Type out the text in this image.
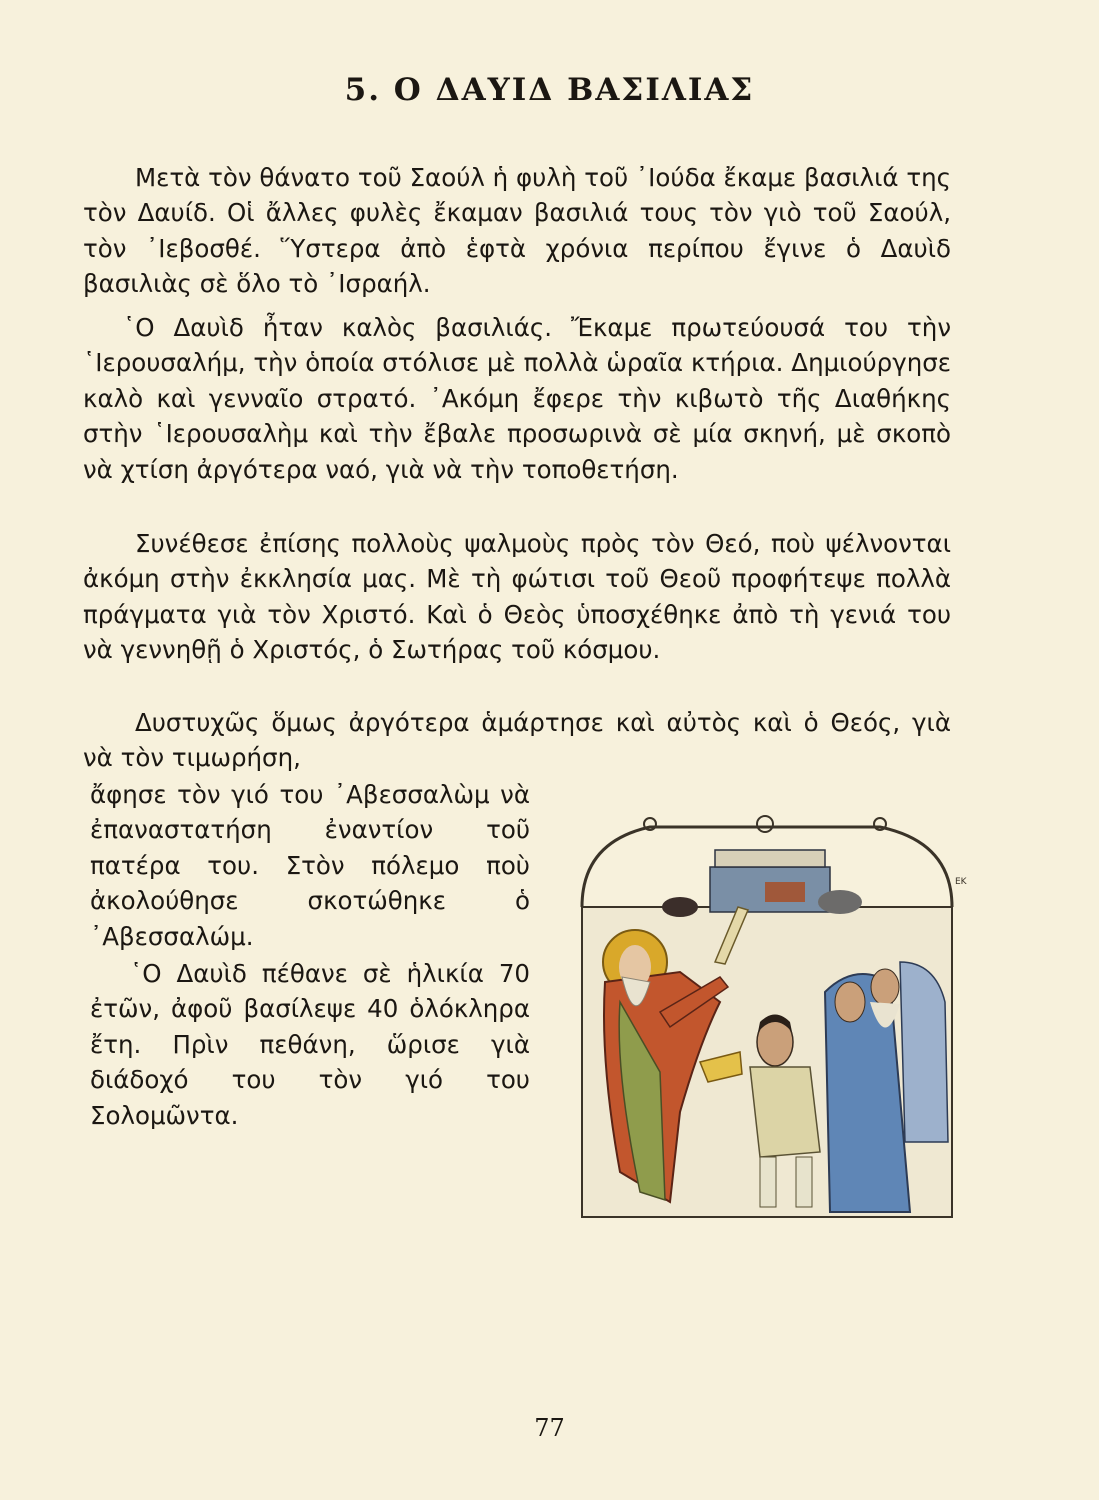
5. Ο ΔΑΥΙΔ ΒΑΣΙΛΙΑΣ

Μετὰ τὸν θάνατο τοῦ Σαούλ ἡ φυλὴ τοῦ ᾿Ιούδα ἔκαμε βασιλιά της τὸν Δαυίδ. Οἱ ἄλλες φυλὲς ἔκαμαν βασιλιά τους τὸν γιὸ τοῦ Σαούλ, τὸν ᾿Ιεβοσθέ. Ὕστερα ἀπὸ ἑφτὰ χρόνια περίπου ἔγινε ὁ Δαυὶδ βασιλιὰς σὲ ὅλο τὸ ᾿Ισραήλ.

῾Ο Δαυὶδ ἦταν καλὸς βασιλιάς. Ἔκαμε πρωτεύουσά του τὴν ῾Ιερουσαλήμ, τὴν ὁποία στόλισε μὲ πολλὰ ὡραῖα κτήρια. Δημιούργησε καλὸ καὶ γενναῖο στρατό. ᾿Ακόμη ἔφερε τὴν κιβωτὸ τῆς Διαθήκης στὴν ῾Ιερουσαλὴμ καὶ τὴν ἔβαλε προσωρινὰ σὲ μία σκηνή, μὲ σκοπὸ νὰ χτίση ἀργότερα ναό, γιὰ νὰ τὴν τοποθετήση.

Συνέθεσε ἐπίσης πολλοὺς ψαλμοὺς πρὸς τὸν Θεό, ποὺ ψέλνονται ἀκόμη στὴν ἐκκλησία μας. Μὲ τὴ φώτισι τοῦ Θεοῦ προφήτεψε πολλὰ πράγματα γιὰ τὸν Χριστό. Καὶ ὁ Θεὸς ὑποσχέθηκε ἀπὸ τὴ γενιά του νὰ γεννηθῇ ὁ Χριστός, ὁ Σωτήρας τοῦ κόσμου.

Δυστυχῶς ὅμως ἀργότερα ἁμάρτησε καὶ αὐτὸς καὶ ὁ Θεός, γιὰ νὰ τὸν τιμωρήση,

ἄφησε τὸν γιό του ᾿Αβεσσαλὼμ νὰ ἐπαναστατήση ἐναντίον τοῦ πατέρα του. Στὸν πόλεμο ποὺ ἀκολούθησε σκοτώθηκε ὁ ᾿Αβεσσαλώμ.

῾Ο Δαυὶδ πέθανε σὲ ἡλικία 70 ἐτῶν, ἀφοῦ βασίλεψε 40 ὁλόκληρα ἔτη. Πρὶν πεθάνη, ὥρισε γιὰ διάδοχό του τὸν γιό του Σολομῶντα.

ΕΚ
77
